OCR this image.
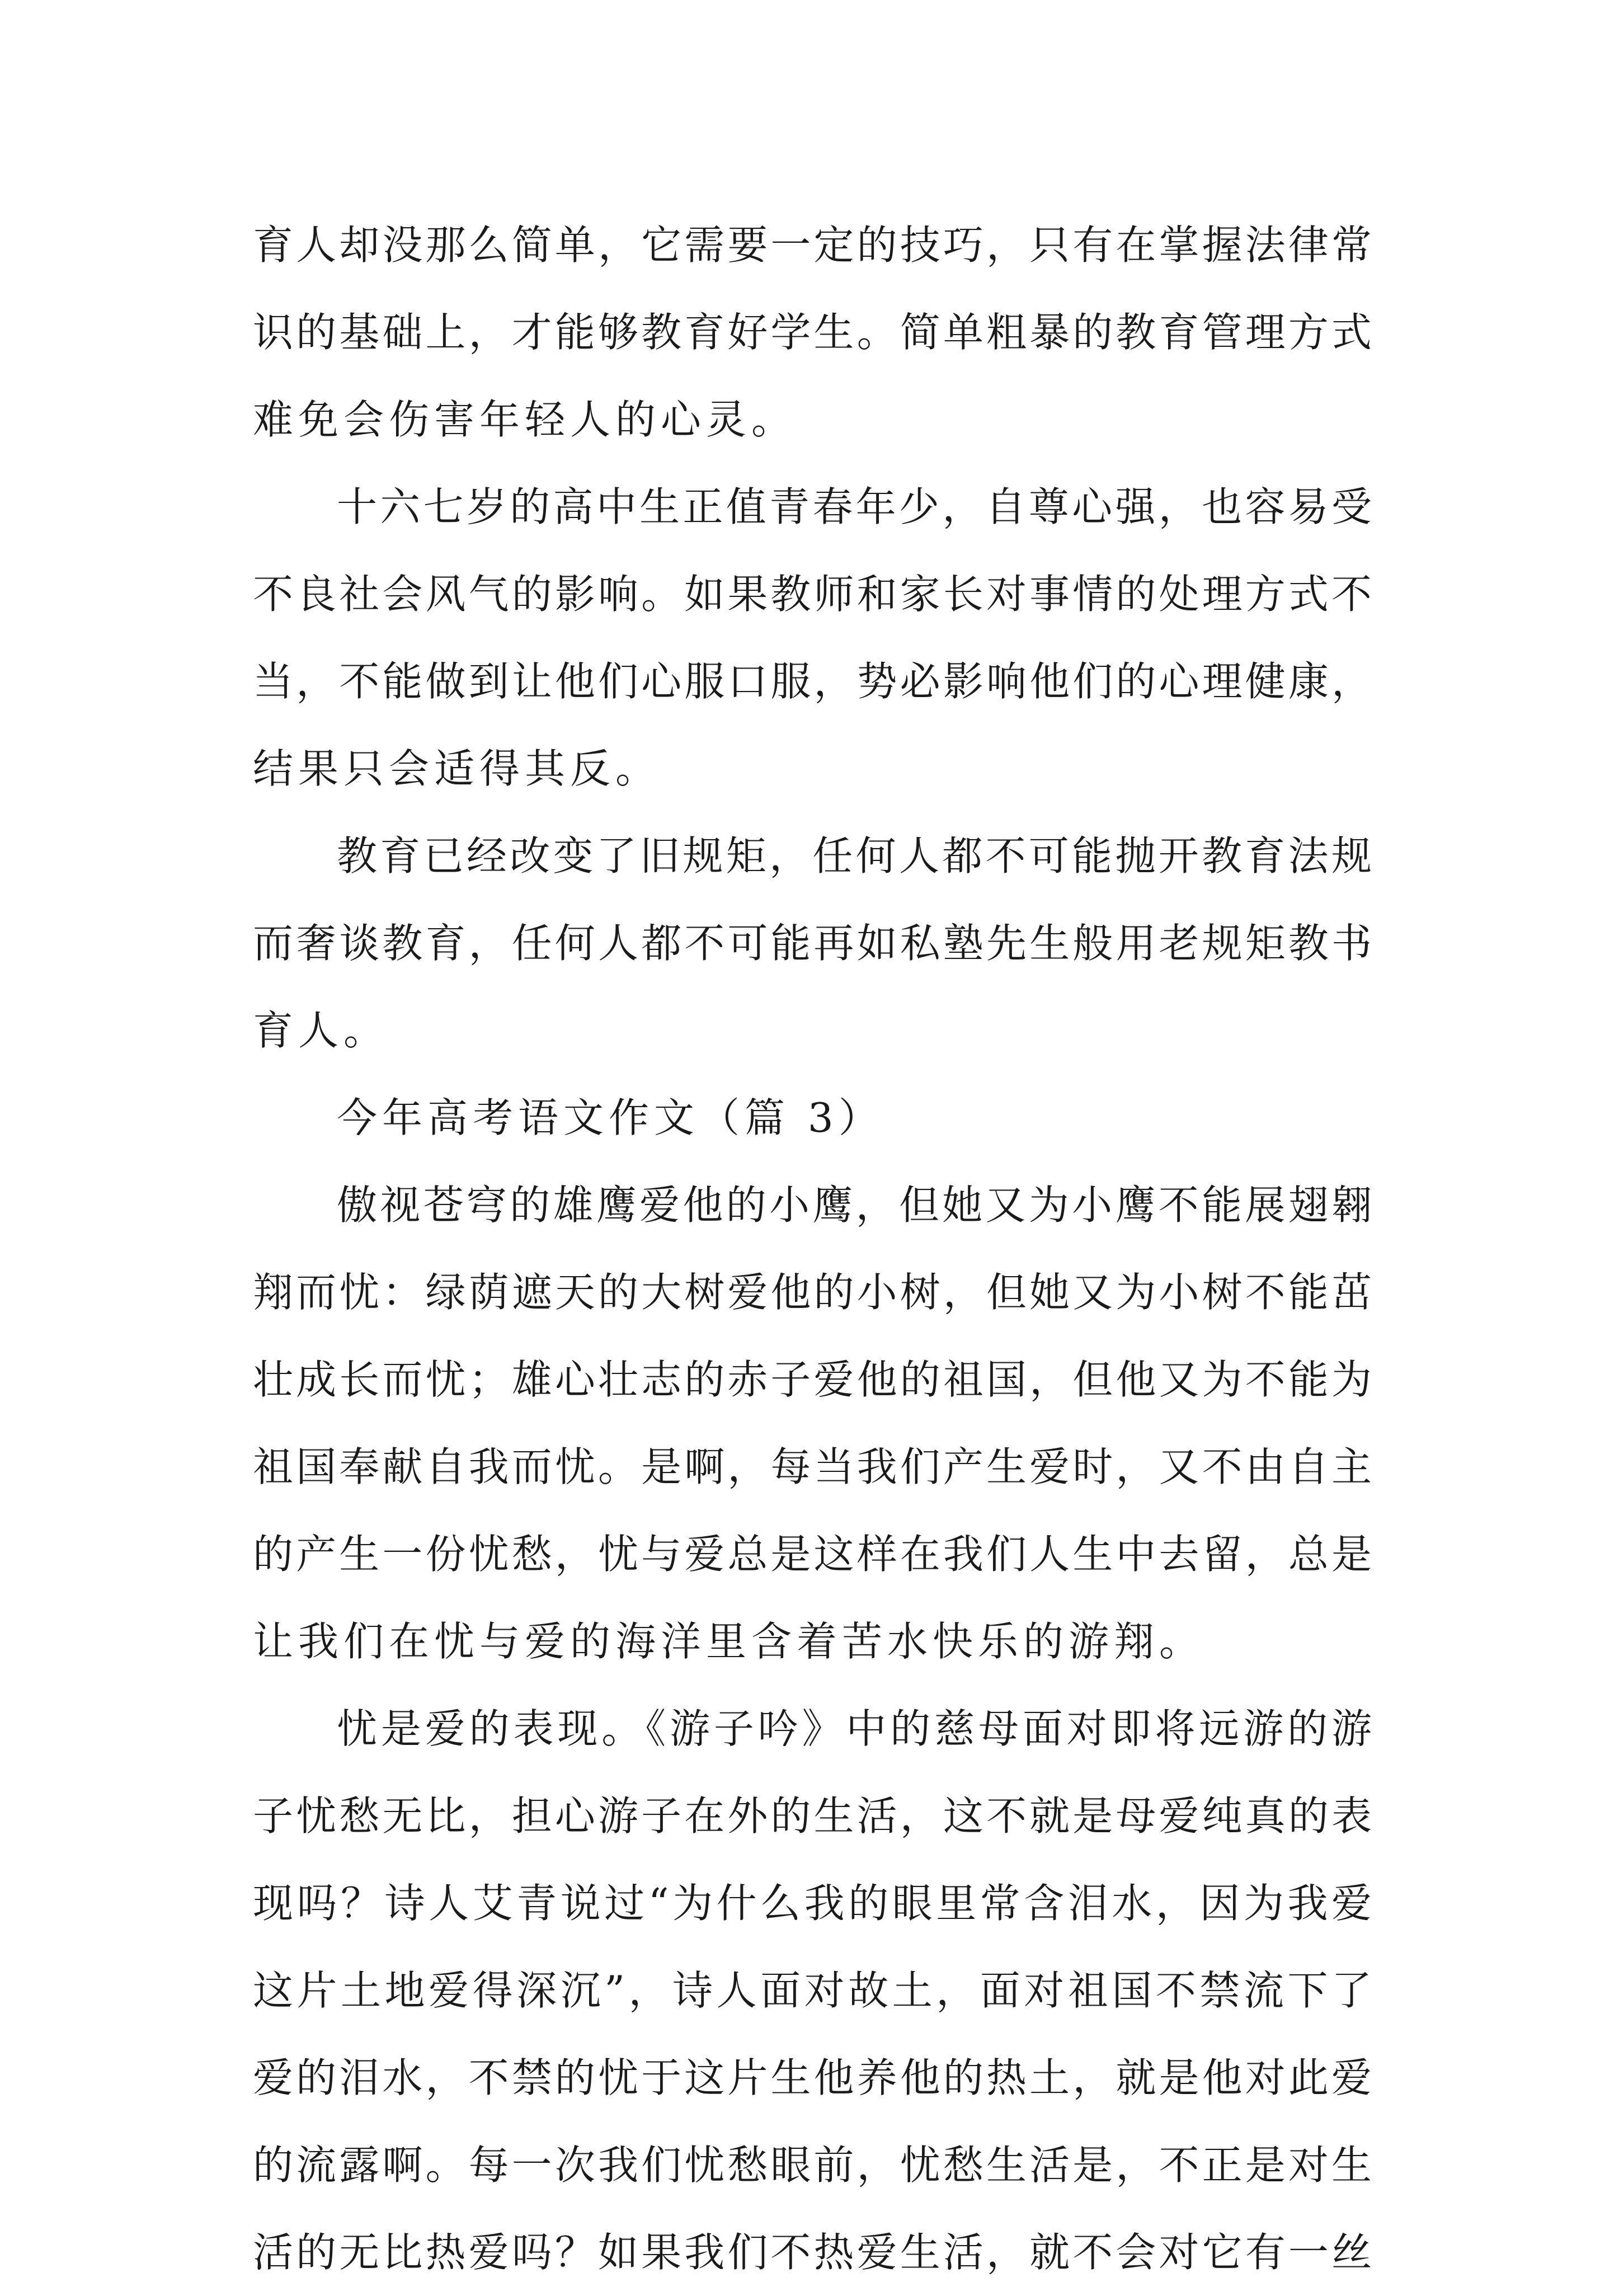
育人却没那么简单，它需要一定的技巧，只有在掌握法律常
识的基础上，才能够教育好学生。简单粗暴的教育管理方式
难免会伤害年轻人的心灵。
十六七岁的高中生正值青春年少，自尊心强，也容易受
不良社会风气的影响。如果教师和家长对事情的处理方式不
当，不能做到让他们心服口服，势必影响他们的心理健康，
结果只会适得其反。
教育已经改变了旧规矩，任何人都不可能抛开教育法规
而奢谈教育，任何人都不可能再如私塾先生般用老规矩教书
育人。
今年高考语文作文（篇 3）
傲视苍穹的雄鹰爱他的小鹰，但她又为小鹰不能展翅翱
翔而忧：绿荫遮天的大树爱他的小树，但她又为小树不能茁
壮成长而忧；雄心壮志的赤子爱他的祖国，但他又为不能为
祖国奉献自我而忧。是啊，每当我们产生爱时，又不由自主
的产生一份忧愁，忧与爱总是这样在我们人生中去留，总是
让我们在忧与爱的海洋里含着苦水快乐的游翔。
忧是爱的表现。《游子吟》中的慈母面对即将远游的游
子忧愁无比，担心游子在外的生活，这不就是母爱纯真的表
现吗？诗人艾青说过“为什么我的眼里常含泪水，因为我爱
这片土地爱得深沉”，诗人面对故土，面对祖国不禁流下了
爱的泪水，不禁的忧于这片生他养他的热土，就是他对此爱
的流露啊。每一次我们忧愁眼前，忧愁生活是，不正是对生
活的无比热爱吗？如果我们不热爱生活，就不会对它有一丝
